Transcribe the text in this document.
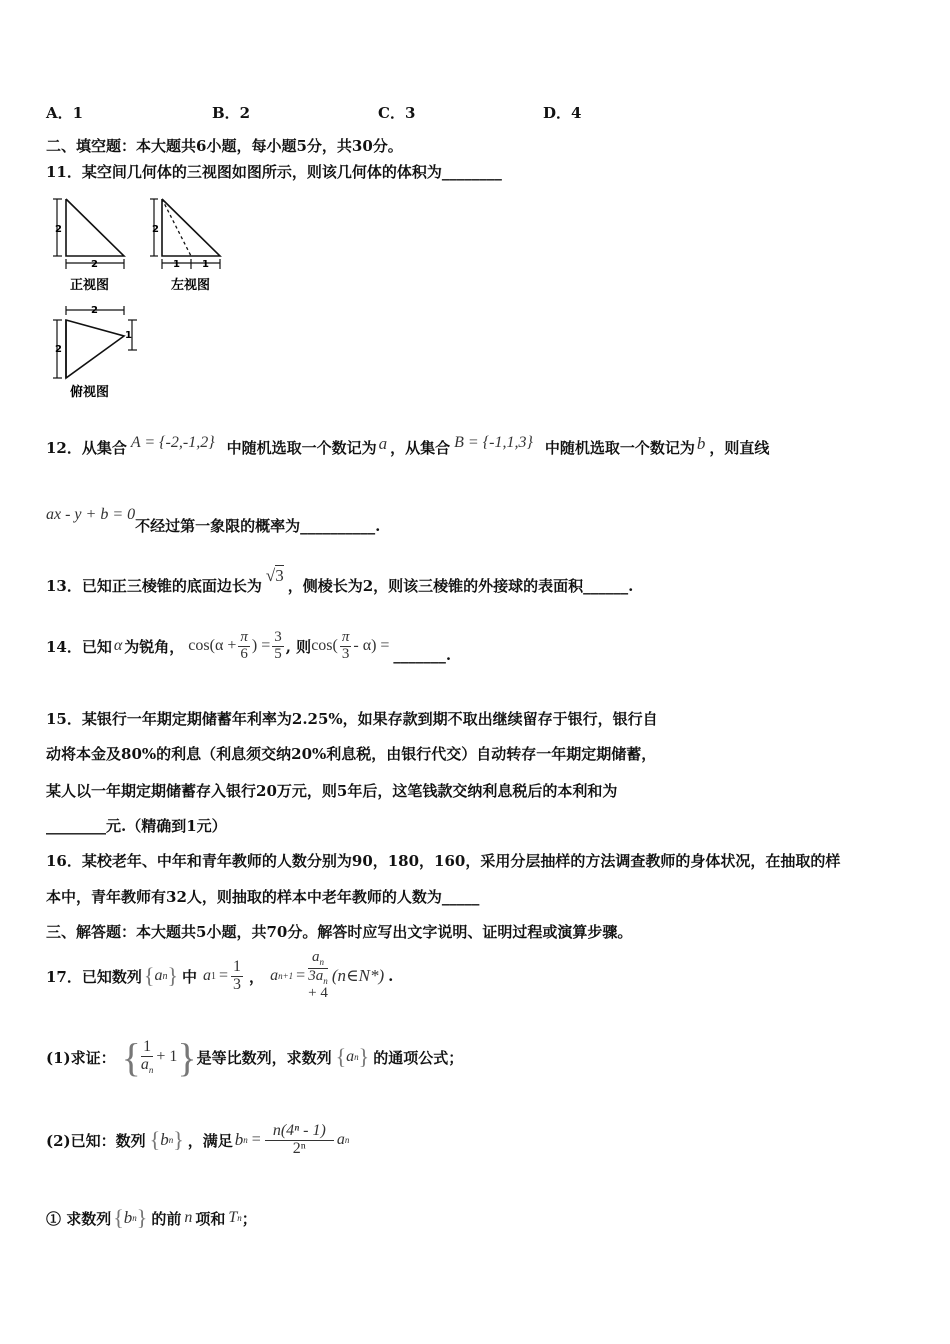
A．1	B．2	C．3	D．4
二、填空题：本大题共6小题，每小题5分，共30分。
11．某空间几何体的三视图如图所示，则该几何体的体积为________
2
2
正视图
2
1 1
左视图
2
2
1
俯视图
12．从集合 A = {-2,-1,2} 中随机选取一个数记为 a ，从集合 B = {-1,1,3} 中随机选取一个数记为 b ，则直线
ax - y + b = 0
不经过第一象限的概率为__________.
13．已知正三棱锥的底面边长为
√3
，侧棱长为2，则该三棱锥的外接球的表面积______.
14．已知 α 为锐角， $\cos(\alpha + \frac{\pi}{6}$ ) = $\frac{3}{5}$ , 则 $\cos( \frac{\pi}{3} - \alpha)$ =
_______.
15．某银行一年期定期储蓄年利率为2.25%，如果存款到期不取出继续留存于银行，银行自
动将本金及80%的利息（利息须交纳20%利息税，由银行代交）自动转存一年期定期储蓄，
某人以一年期定期储蓄存入银行20万元，则5年后，这笔钱款交纳利息税后的本利和为
________元.（精确到1元）
16．某校老年、中年和青年教师的人数分别为90，180，160，采用分层抽样的方法调查教师的身体状况，在抽取的样
本中，青年教师有32人，则抽取的样本中老年教师的人数为_____
三、解答题：本大题共5小题，共70分。解答时应写出文字说明、证明过程或演算步骤。
17．已知数列 { a n } 中 a $1 = \frac{1}{3}$ ， a $n+1 = a_n$
$3a_n$
+ 4 (n∈N*) .
(1)求证： { $\frac{1}{a_n} + 1$ } 是等比数列，求数列 { a n } 的通项公式；
(2)已知：数列 { b n } ，满足 b $n = \frac{\text{n(4ⁿ - 1)}}{\text{2ⁿ}}$ a n
① 求数列 { b n } 的前 n 项和 T n ；
